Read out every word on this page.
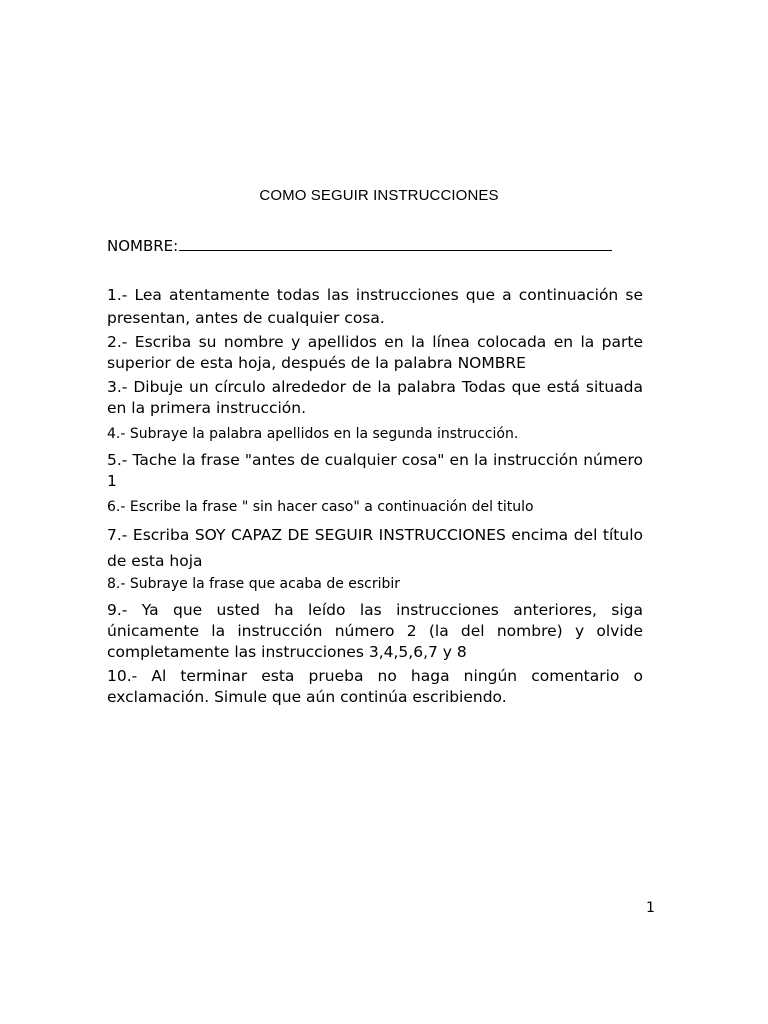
COMO SEGUIR INSTRUCCIONES
NOMBRE:
1.- Lea atentamente todas las instrucciones que a continuación se presentan, antes de cualquier cosa.
2.- Escriba su nombre y apellidos en la línea colocada en la parte superior de esta hoja, después de la palabra NOMBRE
3.- Dibuje un círculo alrededor de la palabra Todas que está situada en la primera instrucción.
4.- Subraye la palabra apellidos en la segunda instrucción.
5.- Tache la frase "antes de cualquier cosa" en la instrucción número 1
6.- Escribe la frase " sin hacer caso" a continuación del titulo
7.- Escriba SOY CAPAZ DE SEGUIR INSTRUCCIONES encima del título de esta hoja
8.- Subraye la frase que acaba de escribir
9.- Ya que usted ha leído las instrucciones anteriores, siga únicamente la instrucción número 2 (la del nombre) y olvide completamente las instrucciones 3,4,5,6,7 y 8
10.- Al terminar esta prueba no haga ningún comentario o exclamación. Simule que aún continúa escribiendo.
1
